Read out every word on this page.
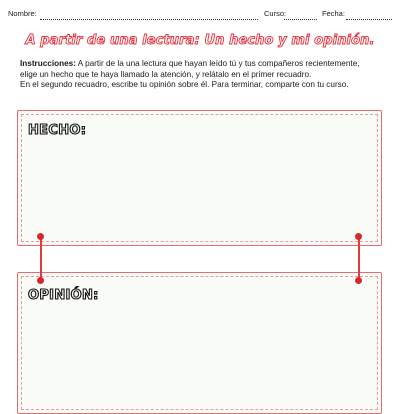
Nombre:	Curso:	Fecha:
A partir de una lectura: Un hecho y mi opinión.
Instrucciones: A partir de la una lectura que hayan leído tú y tus compañeros recientemente,
elige un hecho que te haya llamado la atención, y relátalo en el primer recuadro.
En el segundo recuadro, escribe tu opinión sobre él. Para terminar, comparte con tu curso.
HECHO:
OPINIÓN:
